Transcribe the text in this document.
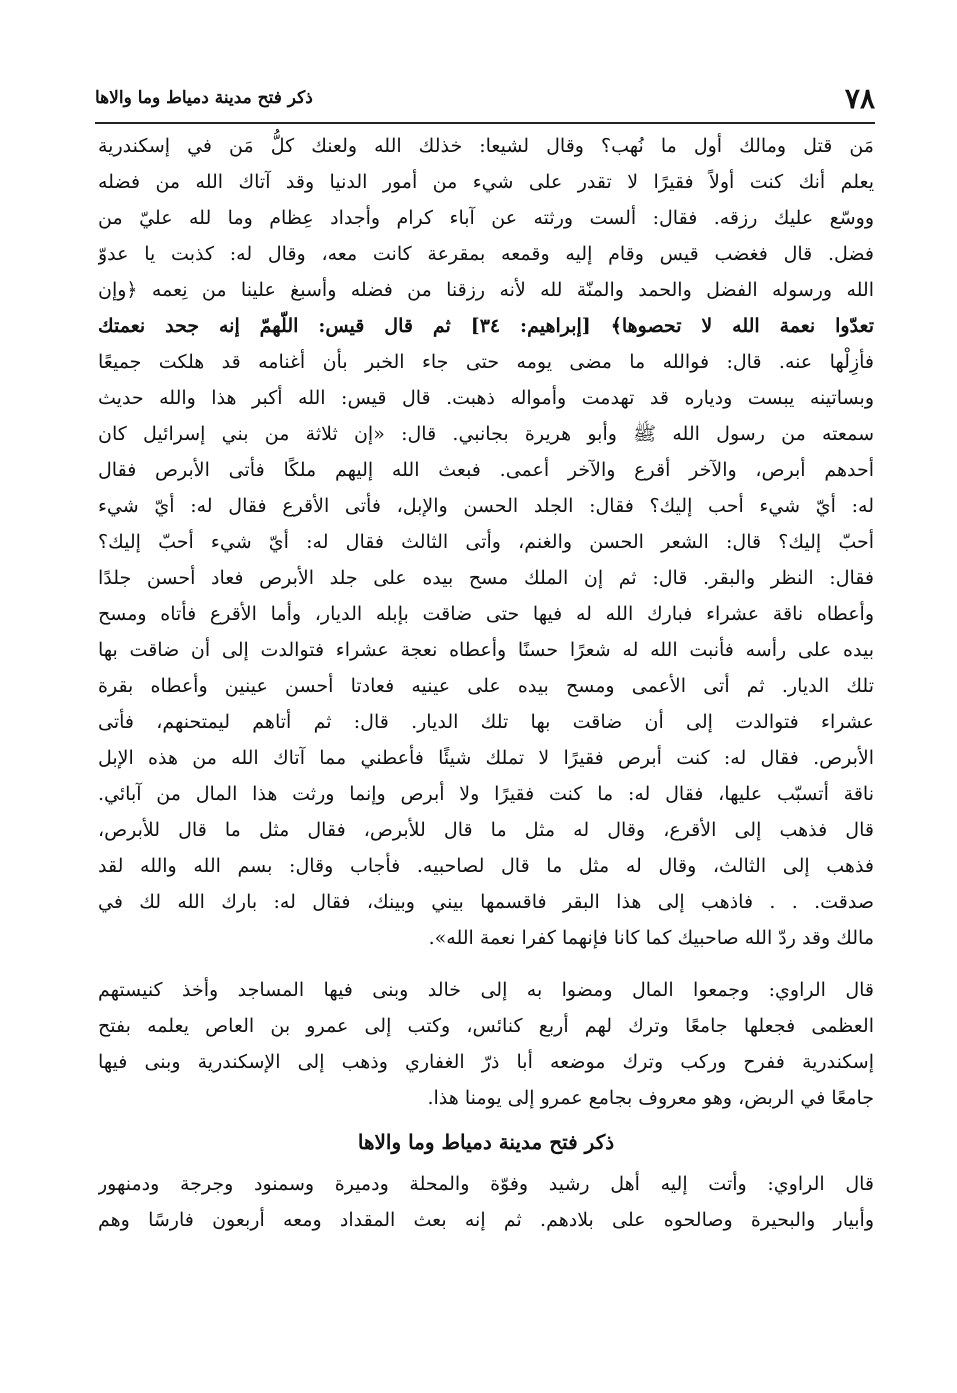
٧٨
ذكر فتح مدينة دمياط وما والاها
مَن قتل ومالك أول ما نُهب؟ وقال لشيعا: خذلك الله ولعنك كلُّ مَن في إسكندرية
يعلم أنك كنت أولاً فقيرًا لا تقدر على شيء من أمور الدنيا وقد آتاك الله من فضله
ووسّع عليك رزقه. فقال: ألست ورثته عن آباء كرام وأجداد عِظام وما لله عليّ من
فضل. قال فغضب قيس وقام إليه وقمعه بمقرعة كانت معه، وقال له: كذبت يا عدوّ
الله ورسوله الفضل والحمد والمنّة لله لأنه رزقنا من فضله وأسبغ علينا من نِعمه ﴿وإن
تعدّوا نعمة الله لا تحصوها﴾ [إبراهيم: ٣٤] ثم قال قيس: اللّهمّ إنه جحد نعمتك
فأزِلْها عنه. قال: فوالله ما مضى يومه حتى جاء الخبر بأن أغنامه قد هلكت جميعًا
وبساتينه يبست ودياره قد تهدمت وأمواله ذهبت. قال قيس: الله أكبر هذا والله حديث
سمعته من رسول الله ﷺ وأبو هريرة بجانبي. قال: «إن ثلاثة من بني إسرائيل كان
أحدهم أبرص، والآخر أقرع والآخر أعمى. فبعث الله إليهم ملكًا فأتى الأبرص فقال
له: أيّ شيء أحب إليك؟ فقال: الجلد الحسن والإبل، فأتى الأقرع فقال له: أيّ شيء
أحبّ إليك؟ قال: الشعر الحسن والغنم، وأتى الثالث فقال له: أيّ شيء أحبّ إليك؟
فقال: النظر والبقر. قال: ثم إن الملك مسح بيده على جلد الأبرص فعاد أحسن جلدًا
وأعطاه ناقة عشراء فبارك الله له فيها حتى ضاقت بإبله الديار، وأما الأقرع فأتاه ومسح
بيده على رأسه فأنبت الله له شعرًا حسنًا وأعطاه نعجة عشراء فتوالدت إلى أن ضاقت بها
تلك الديار. ثم أتى الأعمى ومسح بيده على عينيه فعادتا أحسن عينين وأعطاه بقرة
عشراء فتوالدت إلى أن ضاقت بها تلك الديار. قال: ثم أتاهم ليمتحنهم، فأتى
الأبرص. فقال له: كنت أبرص فقيرًا لا تملك شيئًا فأعطني مما آتاك الله من هذه الإبل
ناقة أتسبّب عليها، فقال له: ما كنت فقيرًا ولا أبرص وإنما ورثت هذا المال من آبائي.
قال فذهب إلى الأقرع، وقال له مثل ما قال للأبرص، فقال مثل ما قال للأبرص،
فذهب إلى الثالث، وقال له مثل ما قال لصاحبيه. فأجاب وقال: بسم الله والله لقد
صدقت. . . فاذهب إلى هذا البقر فاقسمها بيني وبينك، فقال له: بارك الله لك في
مالك وقد ردّ الله صاحبيك كما كانا فإنهما كفرا نعمة الله».
قال الراوي: وجمعوا المال ومضوا به إلى خالد وبنى فيها المساجد وأخذ كنيستهم
العظمى فجعلها جامعًا وترك لهم أربع كنائس، وكتب إلى عمرو بن العاص يعلمه بفتح
إسكندرية ففرح وركب وترك موضعه أبا ذرّ الغفاري وذهب إلى الإسكندرية وبنى فيها
جامعًا في الربض، وهو معروف بجامع عمرو إلى يومنا هذا.
ذكر فتح مدينة دمياط وما والاها
قال الراوي: وأتت إليه أهل رشيد وفوّة والمحلة ودميرة وسمنود وجرجة ودمنهور
وأبيار والبحيرة وصالحوه على بلادهم. ثم إنه بعث المقداد ومعه أربعون فارسًا وهم
